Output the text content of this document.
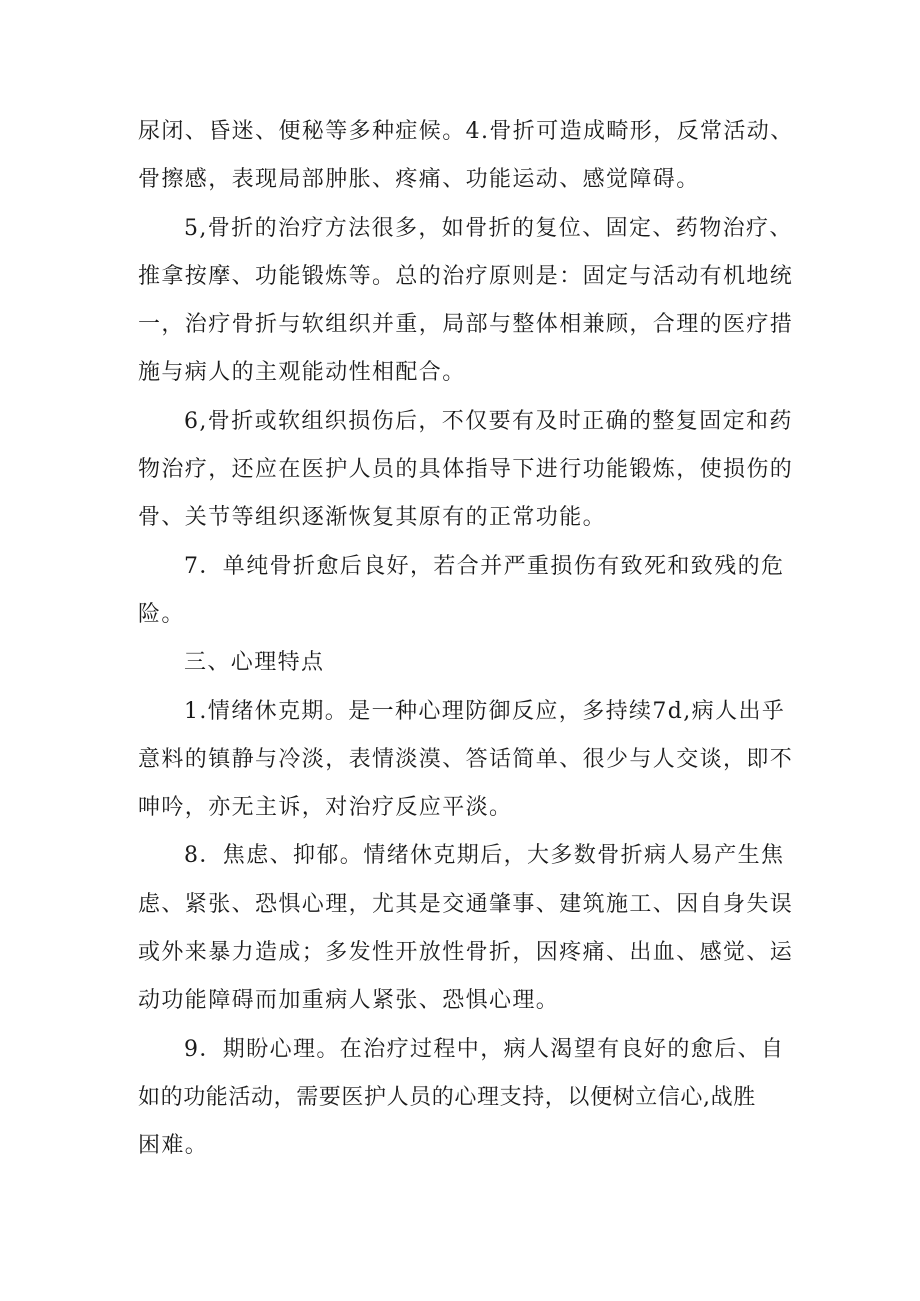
尿闭、昏迷、便秘等多种症候。4.骨折可造成畸形，反常活动、
骨擦感，表现局部肿胀、疼痛、功能运动、感觉障碍。
5,骨折的治疗方法很多，如骨折的复位、固定、药物治疗、
推拿按摩、功能锻炼等。总的治疗原则是：固定与活动有机地统
一，治疗骨折与软组织并重，局部与整体相兼顾，合理的医疗措
施与病人的主观能动性相配合。
6,骨折或软组织损伤后，不仅要有及时正确的整复固定和药
物治疗，还应在医护人员的具体指导下进行功能锻炼，使损伤的
骨、关节等组织逐渐恢复其原有的正常功能。
7．单纯骨折愈后良好，若合并严重损伤有致死和致残的危
险。
三、心理特点
1.情绪休克期。是一种心理防御反应，多持续7d,病人出乎
意料的镇静与冷淡，表情淡漠、答话简单、很少与人交谈，即不
呻吟，亦无主诉，对治疗反应平淡。
8．焦虑、抑郁。情绪休克期后，大多数骨折病人易产生焦
虑、紧张、恐惧心理，尤其是交通肇事、建筑施工、因自身失误
或外来暴力造成；多发性开放性骨折，因疼痛、出血、感觉、运
动功能障碍而加重病人紧张、恐惧心理。
9．期盼心理。在治疗过程中，病人渴望有良好的愈后、自
如的功能活动，需要医护人员的心理支持，以便树立信心,战胜
困难。
